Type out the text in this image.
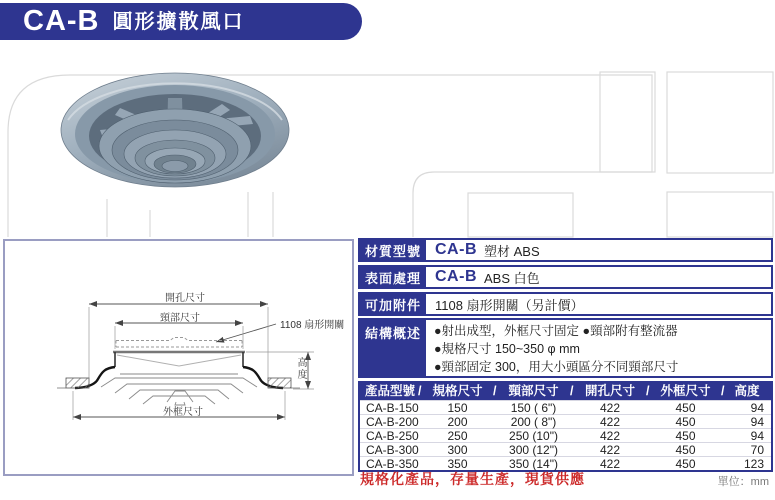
CA-B 圓形擴散風口
開孔尺寸
頸部尺寸
1108 扇形開關
外框尺寸
高度
材質型號 CA-B 塑材 ABS
表面處理 CA-B ABS 白色
可加附件	1108 扇形開關（另計價）
結構概述	●射出成型，外框尺寸固定 ●頸部附有整流器
●規格尺寸 150~350 φ mm
●頸部固定 300，用大小頭區分不同頸部尺寸
產品型號	規格尺寸	頸部尺寸	開孔尺寸	外框尺寸	高度
/	/	/	/	/
CA-B-150	150	150 ( 6")	422	450	94
CA-B-200	200	200 ( 8")	422	450	94
CA-B-250	250	250 (10")	422	450	94
CA-B-300	300	300 (12")	422	450	70
CA-B-350	350	350 (14")	422	450	123
規格化產品，存量生產，現貨供應	單位：mm
